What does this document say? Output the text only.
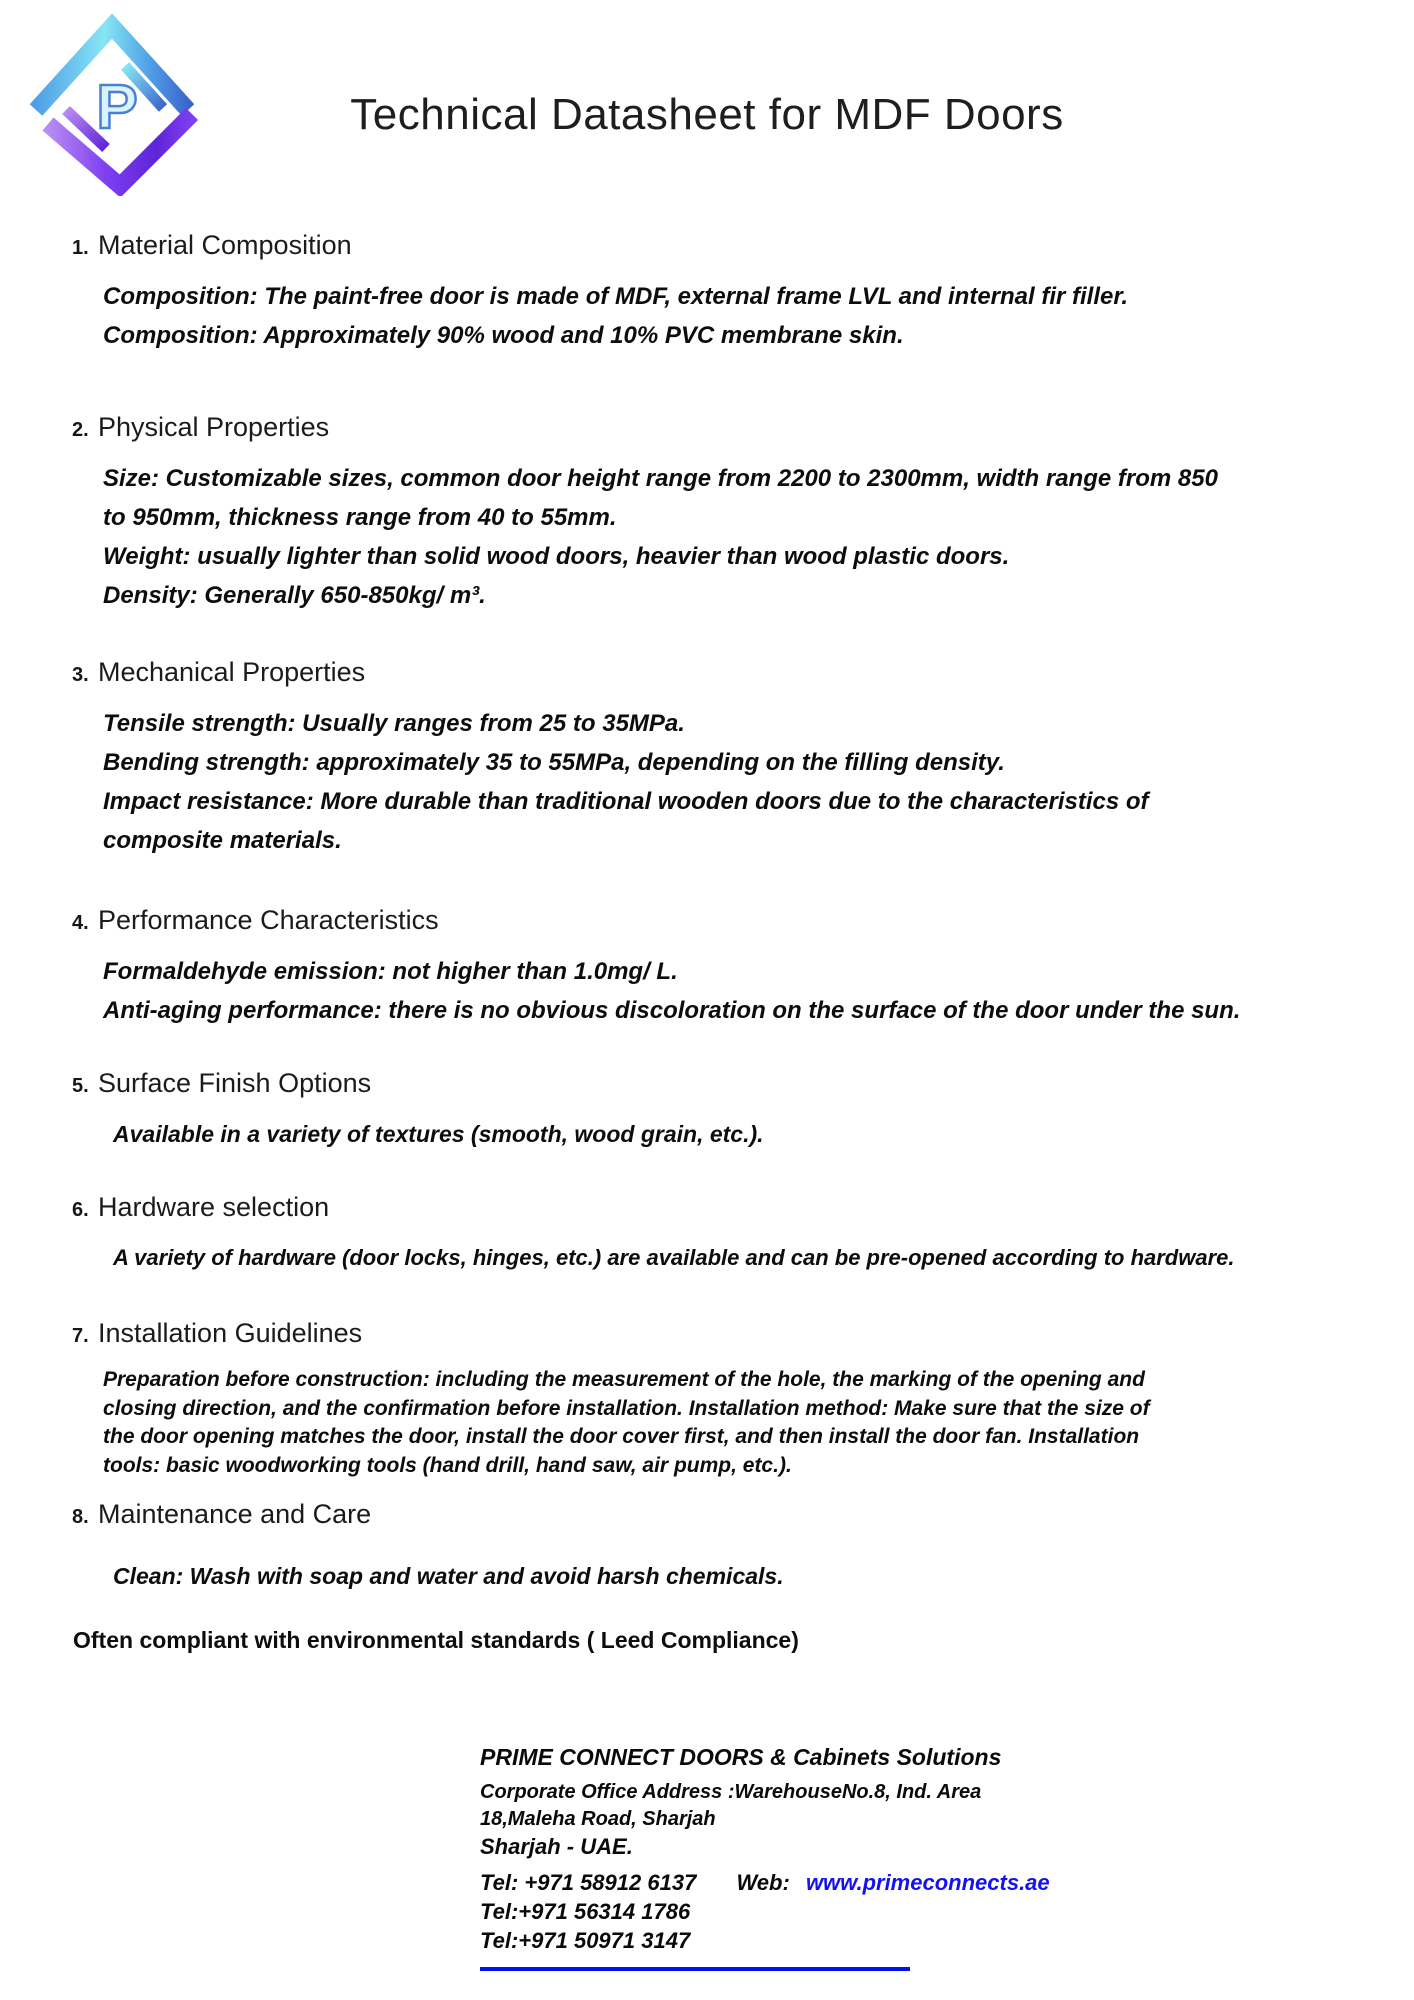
P	Technical Datasheet for MDF Doors
1. Material Composition
Composition: The paint-free door is made of MDF, external frame LVL and internal fir filler.
Composition: Approximately 90% wood and 10% PVC membrane skin.
2. Physical Properties
Size: Customizable sizes, common door height range from 2200 to 2300mm, width range from 850
to 950mm, thickness range from 40 to 55mm.
Weight: usually lighter than solid wood doors, heavier than wood plastic doors.
Density: Generally 650-850kg/ m³.
3. Mechanical Properties
Tensile strength: Usually ranges from 25 to 35MPa.
Bending strength: approximately 35 to 55MPa, depending on the filling density.
Impact resistance: More durable than traditional wooden doors due to the characteristics of
composite materials.
4. Performance Characteristics
Formaldehyde emission: not higher than 1.0mg/ L.
Anti-aging performance: there is no obvious discoloration on the surface of the door under the sun.
5. Surface Finish Options
Available in a variety of textures (smooth, wood grain, etc.).
6. Hardware selection
A variety of hardware (door locks, hinges, etc.) are available and can be pre-opened according to hardware.
7. Installation Guidelines
Preparation before construction: including the measurement of the hole, the marking of the opening and
closing direction, and the confirmation before installation. Installation method: Make sure that the size of
the door opening matches the door, install the door cover first, and then install the door fan. Installation
tools: basic woodworking tools (hand drill, hand saw, air pump, etc.).
8. Maintenance and Care
Clean: Wash with soap and water and avoid harsh chemicals.
Often compliant with environmental standards ( Leed Compliance)
PRIME CONNECT DOORS & Cabinets Solutions
Corporate Office Address :WarehouseNo.8, Ind. Area
18,Maleha Road, Sharjah
Sharjah - UAE.
Tel: +971 58912 6137 Web: www.primeconnects.ae
Tel:+971 56314 1786
Tel:+971 50971 3147
